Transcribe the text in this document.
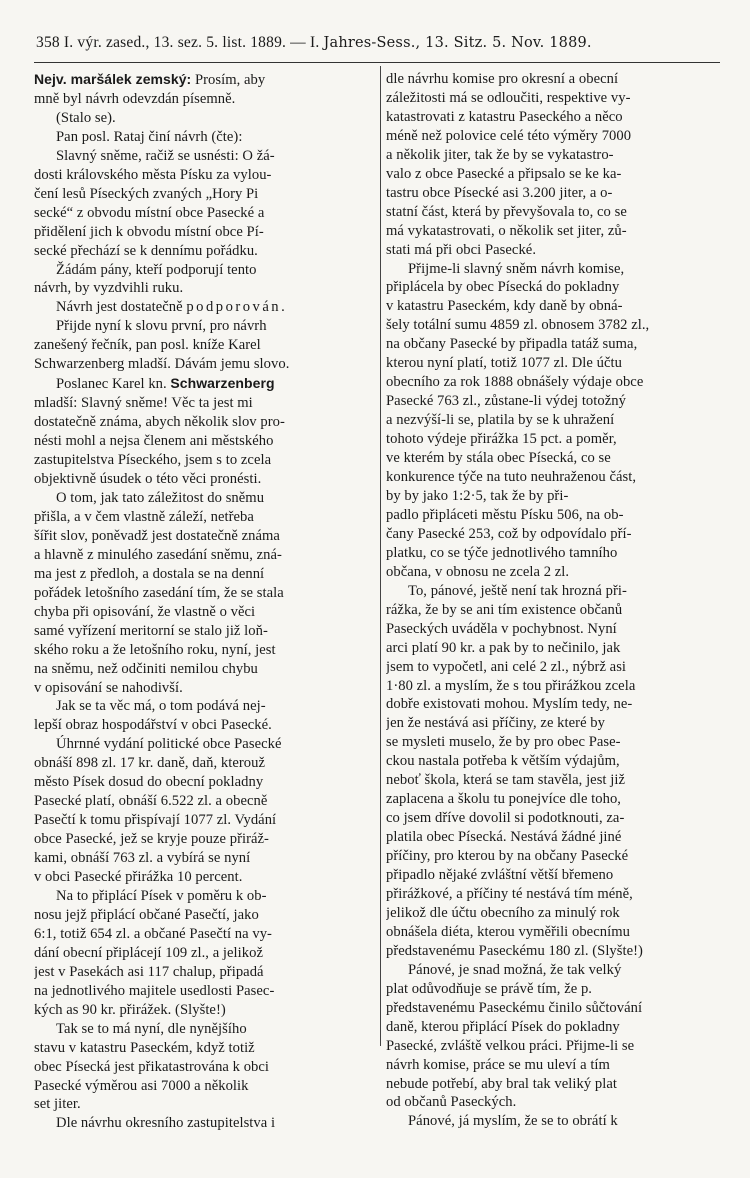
358 I. výr. zased., 13. sez. 5. list. 1889. — I. Jahres-Sess., 13. Sitz. 5. Nov. 1889.
Nejv. maršálek zemský: Prosím, aby
mně byl návrh odevzdán písemně.
(Stalo se).
Pan posl. Rataj činí návrh (čte):
Slavný sněme, račiž se usnésti: O žá-
dosti královského města Písku za vylou-
čení lesů Píseckých zvaných „Hory Pi
secké“ z obvodu místní obce Pasecké a
přidělení jich k obvodu místní obce Pí-
secké přechází se k dennímu pořádku.
Žádám pány, kteří podporují tento
návrh, by vyzdvihli ruku.
Návrh jest dostatečně podporován.
Přijde nyní k slovu první, pro návrh
zanešený řečník, pan posl. kníže Karel
Schwarzenberg mladší. Dávám jemu slovo.
Poslanec Karel kn. Schwarzenberg
mladší: Slavný sněme! Věc ta jest mi
dostatečně známa, abych několik slov pro-
nésti mohl a nejsa členem ani městského
zastupitelstva Píseckého, jsem s to zcela
objektivně úsudek o této věci pronésti.
O tom, jak tato záležitost do sněmu
přišla, a v čem vlastně záleží, netřeba
šířit slov, poněvadž jest dostatečně známa
a hlavně z minulého zasedání sněmu, zná-
ma jest z předloh, a dostala se na denní
pořádek letošního zasedání tím, že se stala
chyba při opisování, že vlastně o věci
samé vyřízení meritorní se stalo již loň-
ského roku a že letošního roku, nyní, jest
na sněmu, než odčiniti nemilou chybu
v opisování se nahodivší.
Jak se ta věc má, o tom podává nej-
lepší obraz hospodářství v obci Pasecké.
Úhrnné vydání politické obce Pasecké
obnáší 898 zl. 17 kr. daně, daň, kterouž
město Písek dosud do obecní pokladny
Pasecké platí, obnáší 6.522 zl. a obecně
Pasečtí k tomu přispívají 1077 zl. Vydání
obce Pasecké, jež se kryje pouze přiráž-
kami, obnáší 763 zl. a vybírá se nyní
v obci Pasecké přirážka 10 percent.
Na to připlácí Písek v poměru k ob-
nosu jejž připlácí občané Pasečtí, jako
6:1, totiž 654 zl. a občané Pasečtí na vy-
dání obecní připlácejí 109 zl., a jelikož
jest v Pasekách asi 117 chalup, připadá
na jednotlivého majitele usedlosti Pasec-
kých as 90 kr. přirážek. (Slyšte!)
Tak se to má nyní, dle nynějšího
stavu v katastru Paseckém, když totiž
obec Písecká jest přikatastrována k obci
Pasecké výměrou asi 7000 a několik
set jiter.
Dle návrhu okresního zastupitelstva i
dle návrhu komise pro okresní a obecní
záležitosti má se odloučiti, respektive vy-
katastrovati z katastru Paseckého a něco
méně než polovice celé této výměry 7000
a několik jiter, tak že by se vykatastro-
valo z obce Pasecké a připsalo se ke ka-
tastru obce Písecké asi 3.200 jiter, a o-
statní část, která by převyšovala to, co se
má vykatastrovati, o několik set jiter, zů-
stati má při obci Pasecké.
Přijme-li slavný sněm návrh komise,
připlácela by obec Písecká do pokladny
v katastru Paseckém, kdy daně by obná-
šely totální sumu 4859 zl. obnosem 3782 zl.,
na občany Pasecké by připadla tatáž suma,
kterou nyní platí, totiž 1077 zl. Dle účtu
obecního za rok 1888 obnášely výdaje obce
Pasecké 763 zl., zůstane-li výdej totožný
a nezvýší-li se, platila by se k uhražení
tohoto výdeje přirážka 15 pct. a poměr,
ve kterém by stála obec Písecká, co se
konkurence týče na tuto neuhraženou část,
by by jako 1:2·5, tak že by při-
padlo připláceti městu Písku 506, na ob-
čany Pasecké 253, což by odpovídalo pří-
platku, co se týče jednotlivého tamního
občana, v obnosu ne zcela 2 zl.
To, pánové, ještě není tak hrozná při-
rážka, že by se ani tím existence občanů
Paseckých uváděla v pochybnost. Nyní
arci platí 90 kr. a pak by to nečinilo, jak
jsem to vypočetl, ani celé 2 zl., nýbrž asi
1·80 zl. a myslím, že s tou přirážkou zcela
dobře existovati mohou. Myslím tedy, ne-
jen že nestává asi příčiny, ze které by
se mysleti muselo, že by pro obec Pase-
ckou nastala potřeba k větším výdajům,
neboť škola, která se tam stavěla, jest již
zaplacena a školu tu ponejvíce dle toho,
co jsem dříve dovolil si podotknouti, za-
platila obec Písecká. Nestává žádné jiné
příčiny, pro kterou by na občany Pasecké
připadlo nějaké zvláštní větší břemeno
přirážkové, a příčiny té nestává tím méně,
jelikož dle účtu obecního za minulý rok
obnášela diéta, kterou vyměřili obecnímu
představenému Paseckému 180 zl. (Slyšte!)
Pánové, je snad možná, že tak velký
plat odůvodňuje se právě tím, že p.
představenému Paseckému činilo sůčtování
daně, kterou připlácí Písek do pokladny
Pasecké, zvláště velkou práci. Přijme-li se
návrh komise, práce se mu uleví a tím
nebude potřebí, aby bral tak veliký plat
od občanů Paseckých.
Pánové, já myslím, že se to obrátí k
